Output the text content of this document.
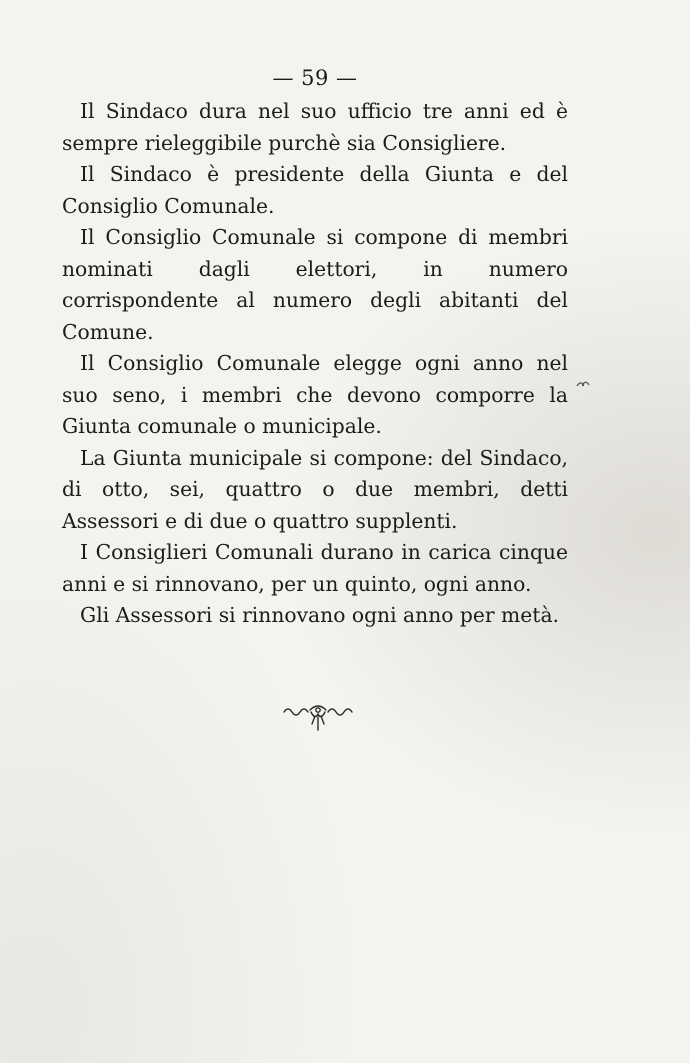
— 59 —

Il Sindaco dura nel suo ufficio tre anni ed è sempre rieleggibile purchè sia Consigliere.

Il Sindaco è presidente della Giunta e del Consiglio Comunale.

Il Consiglio Comunale si compone di membri nominati dagli elettori, in numero corrispondente al numero degli abitanti del Comune.

Il Consiglio Comunale elegge ogni anno nel suo seno, i membri che devono comporre la Giunta comunale o municipale.

La Giunta municipale si compone: del Sindaco, di otto, sei, quattro o due membri, detti Assessori e di due o quattro supplenti.

I Consiglieri Comunali durano in carica cinque anni e si rinnovano, per un quinto, ogni anno.

Gli Assessori si rinnovano ogni anno per metà.
